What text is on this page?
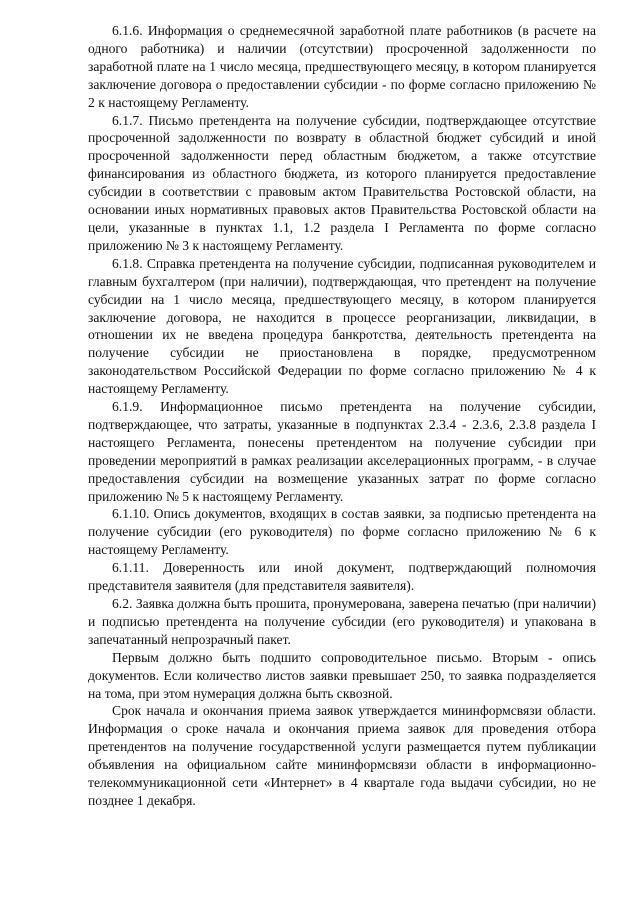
6.1.6. Информация о среднемесячной заработной плате работников (в расчете на одного работника) и наличии (отсутствии) просроченной задолженности по заработной плате на 1 число месяца, предшествующего месяцу, в котором планируется заключение договора о предоставлении субсидии - по форме согласно приложению № 2 к настоящему Регламенту.

6.1.7. Письмо претендента на получение субсидии, подтверждающее отсутствие просроченной задолженности по возврату в областной бюджет субсидий и иной просроченной задолженности перед областным бюджетом, а также отсутствие финансирования из областного бюджета, из которого планируется предоставление субсидии в соответствии с правовым актом Правительства Ростовской области, на основании иных нормативных правовых актов Правительства Ростовской области на цели, указанные в пунктах 1.1, 1.2 раздела I Регламента по форме согласно приложению № 3 к настоящему Регламенту.

6.1.8. Справка претендента на получение субсидии, подписанная руководителем и главным бухгалтером (при наличии), подтверждающая, что претендент на получение субсидии на 1 число месяца, предшествующего месяцу, в котором планируется заключение договора, не находится в процессе реорганизации, ликвидации, в отношении их не введена процедура банкротства, деятельность претендента на получение субсидии не приостановлена в порядке, предусмотренном законодательством Российской Федерации по форме согласно приложению № 4 к настоящему Регламенту.

6.1.9. Информационное письмо претендента на получение субсидии, подтверждающее, что затраты, указанные в подпунктах 2.3.4 - 2.3.6, 2.3.8 раздела I настоящего Регламента, понесены претендентом на получение субсидии при проведении мероприятий в рамках реализации акселерационных программ, - в случае предоставления субсидии на возмещение указанных затрат по форме согласно приложению № 5 к настоящему Регламенту.

6.1.10. Опись документов, входящих в состав заявки, за подписью претендента на получение субсидии (его руководителя) по форме согласно приложению № 6 к настоящему Регламенту.

6.1.11. Доверенность или иной документ, подтверждающий полномочия представителя заявителя (для представителя заявителя).

6.2. Заявка должна быть прошита, пронумерована, заверена печатью (при наличии) и подписью претендента на получение субсидии (его руководителя) и упакована в запечатанный непрозрачный пакет.

Первым должно быть подшито сопроводительное письмо. Вторым - опись документов. Если количество листов заявки превышает 250, то заявка подразделяется на тома, при этом нумерация должна быть сквозной.

Срок начала и окончания приема заявок утверждается мининформсвязи области. Информация о сроке начала и окончания приема заявок для проведения отбора претендентов на получение государственной услуги размещается путем публикации объявления на официальном сайте мининформсвязи области в информационно-телекоммуникационной сети «Интернет» в 4 квартале года выдачи субсидии, но не позднее 1 декабря.
